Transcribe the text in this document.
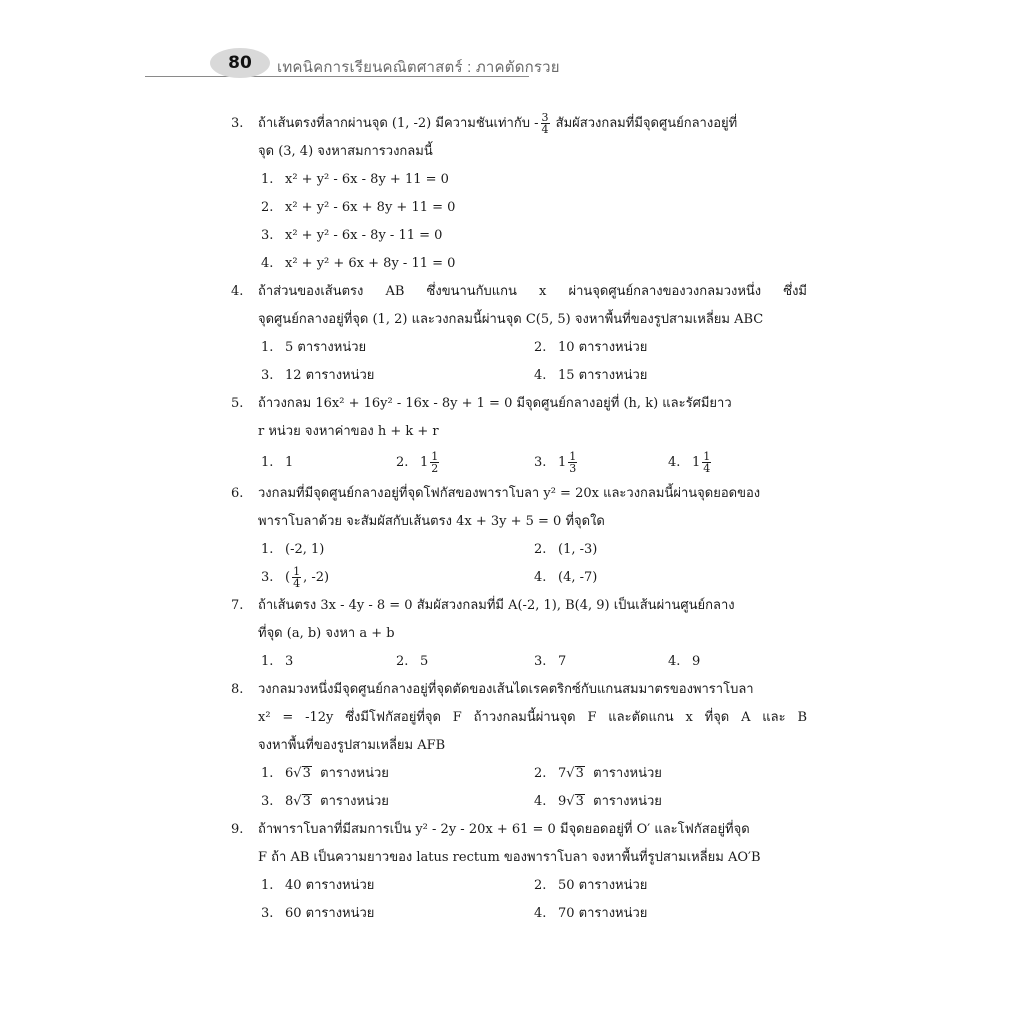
80 เทคนิคการเรียนคณิตศาสตร์ : ภาคตัดกรวย
3.	ถ้าเส้นตรงที่ลากผ่านจุด (1, -2) มีความชันเท่ากับ - $\frac{3}{4}$ สัมผัสวงกลมที่มีจุดศูนย์กลางอยู่ที่
จุด (3, 4) จงหาสมการวงกลมนี้
1. x² + y² - 6x - 8y + 11 = 0
2. x² + y² - 6x + 8y + 11 = 0
3. x² + y² - 6x - 8y - 11 = 0
4. x² + y² + 6x + 8y - 11 = 0
4.	ถ้าส่วนของเส้นตรง AB ซึ่งขนานกับแกน x ผ่านจุดศูนย์กลางของวงกลมวงหนึ่ง ซึ่งมี
จุดศูนย์กลางอยู่ที่จุด (1, 2) และวงกลมนี้ผ่านจุด C(5, 5) จงหาพื้นที่ของรูปสามเหลี่ยม ABC
1. 5 ตารางหน่วย	2. 10 ตารางหน่วย
3. 12 ตารางหน่วย	4. 15 ตารางหน่วย
5.	ถ้าวงกลม 16x² + 16y² - 16x - 8y + 1 = 0 มีจุดศูนย์กลางอยู่ที่ (h, k) และรัศมียาว
r หน่วย จงหาค่าของ h + k + r
1. 1	2. $1 \frac{1}{2}$	3. $1 \frac{1}{3}$	4. $1 \frac{1}{4}$
6.	วงกลมที่มีจุดศูนย์กลางอยู่ที่จุดโฟกัสของพาราโบลา y² = 20x และวงกลมนี้ผ่านจุดยอดของ
พาราโบลาด้วย จะสัมผัสกับเส้นตรง 4x + 3y + 5 = 0 ที่จุดใด
1. (-2, 1)	2. (1, -3)
3. ( $\frac{1}{4}$ , -2)	4. (4, -7)
7.	ถ้าเส้นตรง 3x - 4y - 8 = 0 สัมผัสวงกลมที่มี A(-2, 1), B(4, 9) เป็นเส้นผ่านศูนย์กลาง
ที่จุด (a, b) จงหา a + b
1. 3	2. 5	3. 7	4. 9
8.	วงกลมวงหนึ่งมีจุดศูนย์กลางอยู่ที่จุดตัดของเส้นไดเรคตริกซ์กับแกนสมมาตรของพาราโบลา
x² = -12y ซึ่งมีโฟกัสอยู่ที่จุด F ถ้าวงกลมนี้ผ่านจุด F และตัดแกน x ที่จุด A และ B
จงหาพื้นที่ของรูปสามเหลี่ยม AFB
1. 6√3 ตารางหน่วย	2. 7√3 ตารางหน่วย
3. 8√3 ตารางหน่วย	4. 9√3 ตารางหน่วย
9.	ถ้าพาราโบลาที่มีสมการเป็น y² - 2y - 20x + 61 = 0 มีจุดยอดอยู่ที่ O′ และโฟกัสอยู่ที่จุด
F ถ้า AB เป็นความยาวของ latus rectum ของพาราโบลา จงหาพื้นที่รูปสามเหลี่ยม AO′B
1. 40 ตารางหน่วย	2. 50 ตารางหน่วย
3. 60 ตารางหน่วย	4. 70 ตารางหน่วย
